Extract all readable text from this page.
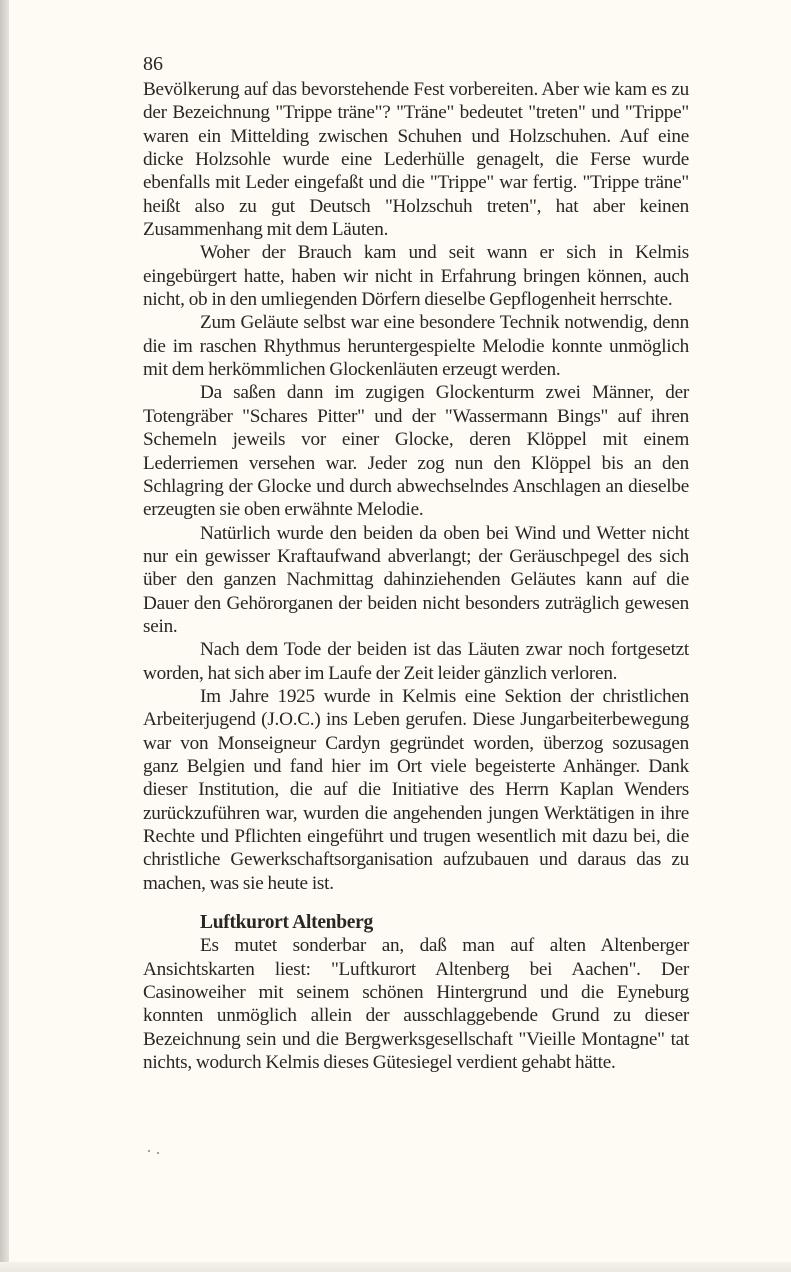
86

Bevölkerung auf das bevorstehende Fest vorbereiten. Aber wie kam es zu der Bezeichnung "Trippe träne"? "Träne" bedeutet "treten" und "Trippe" waren ein Mittelding zwischen Schuhen und Holzschuhen. Auf eine dicke Holzsohle wurde eine Lederhülle genagelt, die Ferse wurde ebenfalls mit Leder eingefaßt und die "Trippe" war fertig. "Trippe träne" heißt also zu gut Deutsch "Holzschuh treten", hat aber keinen Zusammenhang mit dem Läuten.

Woher der Brauch kam und seit wann er sich in Kelmis eingebürgert hatte, haben wir nicht in Erfahrung bringen können, auch nicht, ob in den umliegenden Dörfern dieselbe Gepflogenheit herrschte.

Zum Geläute selbst war eine besondere Technik notwendig, denn die im raschen Rhythmus heruntergespielte Melodie konnte unmöglich mit dem herkömmlichen Glockenläuten erzeugt werden.

Da saßen dann im zugigen Glockenturm zwei Männer, der Totengräber "Schares Pitter" und der "Wassermann Bings" auf ihren Schemeln jeweils vor einer Glocke, deren Klöppel mit einem Lederriemen versehen war. Jeder zog nun den Klöppel bis an den Schlagring der Glocke und durch abwechselndes Anschlagen an dieselbe erzeugten sie oben erwähnte Melodie.

Natürlich wurde den beiden da oben bei Wind und Wetter nicht nur ein gewisser Kraftaufwand abverlangt; der Geräuschpegel des sich über den ganzen Nachmittag dahinziehenden Geläutes kann auf die Dauer den Gehörorganen der beiden nicht besonders zuträglich gewesen sein.

Nach dem Tode der beiden ist das Läuten zwar noch fortgesetzt worden, hat sich aber im Laufe der Zeit leider gänzlich verloren.

Im Jahre 1925 wurde in Kelmis eine Sektion der christlichen Arbeiterjugend (J.O.C.) ins Leben gerufen. Diese Jungarbeiterbewegung war von Monseigneur Cardyn gegründet worden, überzog sozusagen ganz Belgien und fand hier im Ort viele begeisterte Anhänger. Dank dieser Institution, die auf die Initiative des Herrn Kaplan Wenders zurückzuführen war, wurden die angehenden jungen Werktätigen in ihre Rechte und Pflichten eingeführt und trugen wesentlich mit dazu bei, die christliche Gewerkschaftsorganisation aufzubauen und daraus das zu machen, was sie heute ist.

Luftkurort Altenberg

Es mutet sonderbar an, daß man auf alten Altenberger Ansichtskarten liest: "Luftkurort Altenberg bei Aachen". Der Casinoweiher mit seinem schönen Hintergrund und die Eyneburg konnten unmöglich allein der ausschlaggebende Grund zu dieser Bezeichnung sein und die Bergwerksgesellschaft "Vieille Montagne" tat nichts, wodurch Kelmis dieses Gütesiegel verdient gehabt hätte.
